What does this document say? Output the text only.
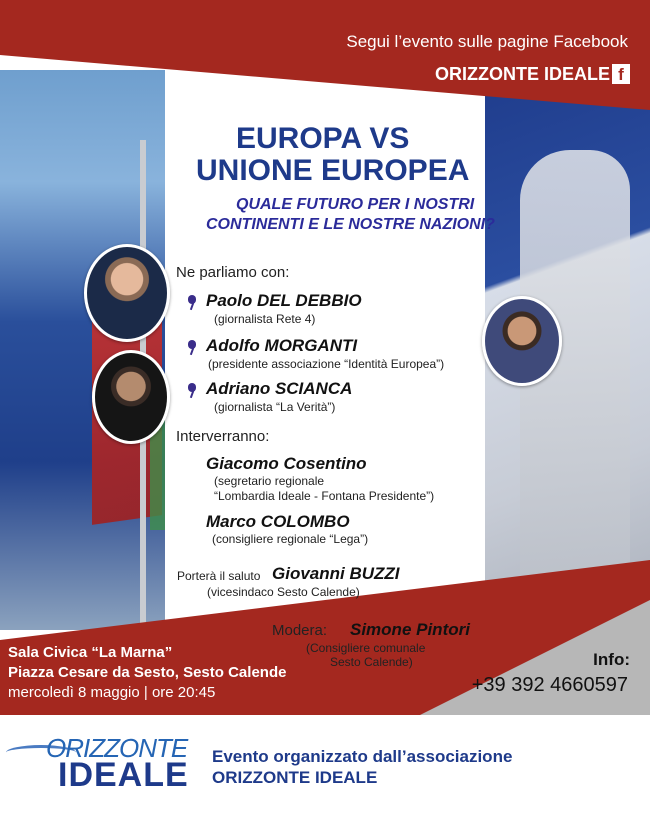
Segui l’evento sulle pagine Facebook
ORIZZONTE IDEALE f
EUROPA VS
UNIONE EUROPEA
QUALE FUTURO PER I NOSTRI
CONTINENTI E LE NOSTRE NAZIONI?
Ne parliamo con:
Paolo DEL DEBBIO
(giornalista Rete 4)
Adolfo MORGANTI
(presidente associazione “Identità Europea”)
Adriano SCIANCA
(giornalista “La Verità”)
Interverranno:
Giacomo Cosentino
(segretario regionale
“Lombardia Ideale - Fontana Presidente”)
Marco COLOMBO
(consigliere regionale “Lega”)
Porterà il saluto Giovanni BUZZI
(vicesindaco Sesto Calende)
Modera: Simone Pintori
(Consigliere comunale
Sesto Calende)
Sala Civica “La Marna”
Piazza Cesare da Sesto, Sesto Calende
mercoledì 8 maggio | ore 20:45
Info:
+39 392 4660597
ORIZZONTE
IDEALE Evento organizzato dall’associazione
ORIZZONTE IDEALE
